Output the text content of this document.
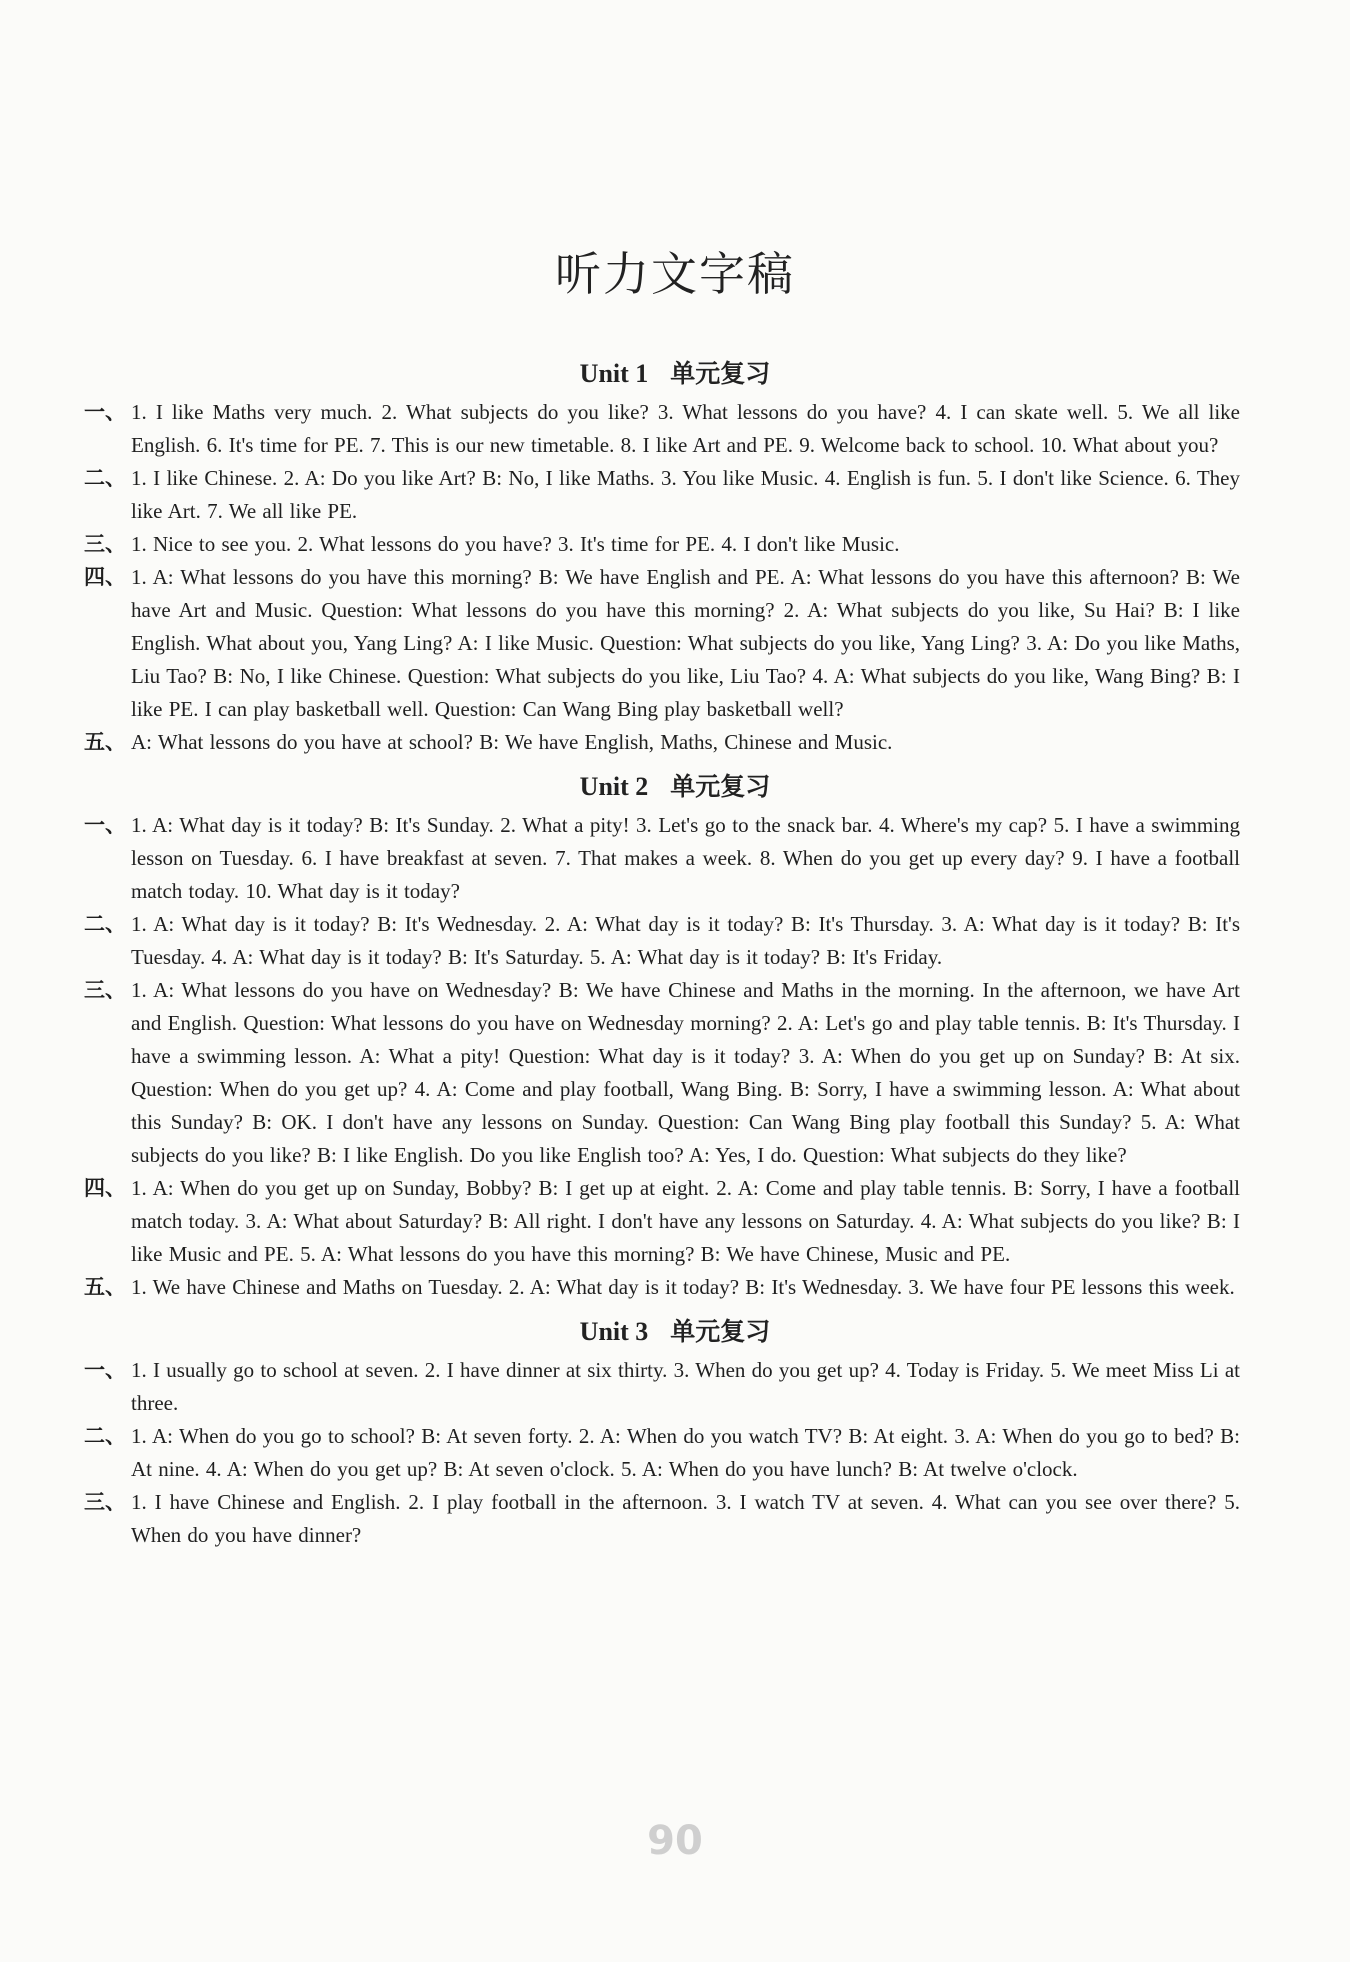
听力文字稿
Unit 1 单元复习
一、 1. I like Maths very much. 2. What subjects do you like? 3. What lessons do you have? 4. I can skate well. 5. We all like English. 6. It's time for PE. 7. This is our new timetable. 8. I like Art and PE. 9. Welcome back to school. 10. What about you?
二、 1. I like Chinese. 2. A: Do you like Art? B: No, I like Maths. 3. You like Music. 4. English is fun. 5. I don't like Science. 6. They like Art. 7. We all like PE.
三、 1. Nice to see you. 2. What lessons do you have? 3. It's time for PE. 4. I don't like Music.
四、 1. A: What lessons do you have this morning? B: We have English and PE. A: What lessons do you have this afternoon? B: We have Art and Music. Question: What lessons do you have this morning? 2. A: What subjects do you like, Su Hai? B: I like English. What about you, Yang Ling? A: I like Music. Question: What subjects do you like, Yang Ling? 3. A: Do you like Maths, Liu Tao? B: No, I like Chinese. Question: What subjects do you like, Liu Tao? 4. A: What subjects do you like, Wang Bing? B: I like PE. I can play basketball well. Question: Can Wang Bing play basketball well?
五、 A: What lessons do you have at school? B: We have English, Maths, Chinese and Music.
Unit 2 单元复习
一、 1. A: What day is it today? B: It's Sunday. 2. What a pity! 3. Let's go to the snack bar. 4. Where's my cap? 5. I have a swimming lesson on Tuesday. 6. I have breakfast at seven. 7. That makes a week. 8. When do you get up every day? 9. I have a football match today. 10. What day is it today?
二、 1. A: What day is it today? B: It's Wednesday. 2. A: What day is it today? B: It's Thursday. 3. A: What day is it today? B: It's Tuesday. 4. A: What day is it today? B: It's Saturday. 5. A: What day is it today? B: It's Friday.
三、 1. A: What lessons do you have on Wednesday? B: We have Chinese and Maths in the morning. In the afternoon, we have Art and English. Question: What lessons do you have on Wednesday morning? 2. A: Let's go and play table tennis. B: It's Thursday. I have a swimming lesson. A: What a pity! Question: What day is it today? 3. A: When do you get up on Sunday? B: At six. Question: When do you get up? 4. A: Come and play football, Wang Bing. B: Sorry, I have a swimming lesson. A: What about this Sunday? B: OK. I don't have any lessons on Sunday. Question: Can Wang Bing play football this Sunday? 5. A: What subjects do you like? B: I like English. Do you like English too? A: Yes, I do. Question: What subjects do they like?
四、 1. A: When do you get up on Sunday, Bobby? B: I get up at eight. 2. A: Come and play table tennis. B: Sorry, I have a football match today. 3. A: What about Saturday? B: All right. I don't have any lessons on Saturday. 4. A: What subjects do you like? B: I like Music and PE. 5. A: What lessons do you have this morning? B: We have Chinese, Music and PE.
五、 1. We have Chinese and Maths on Tuesday. 2. A: What day is it today? B: It's Wednesday. 3. We have four PE lessons this week.
Unit 3 单元复习
一、 1. I usually go to school at seven. 2. I have dinner at six thirty. 3. When do you get up? 4. Today is Friday. 5. We meet Miss Li at three.
二、 1. A: When do you go to school? B: At seven forty. 2. A: When do you watch TV? B: At eight. 3. A: When do you go to bed? B: At nine. 4. A: When do you get up? B: At seven o'clock. 5. A: When do you have lunch? B: At twelve o'clock.
三、 1. I have Chinese and English. 2. I play football in the afternoon. 3. I watch TV at seven. 4. What can you see over there? 5. When do you have dinner?
90
